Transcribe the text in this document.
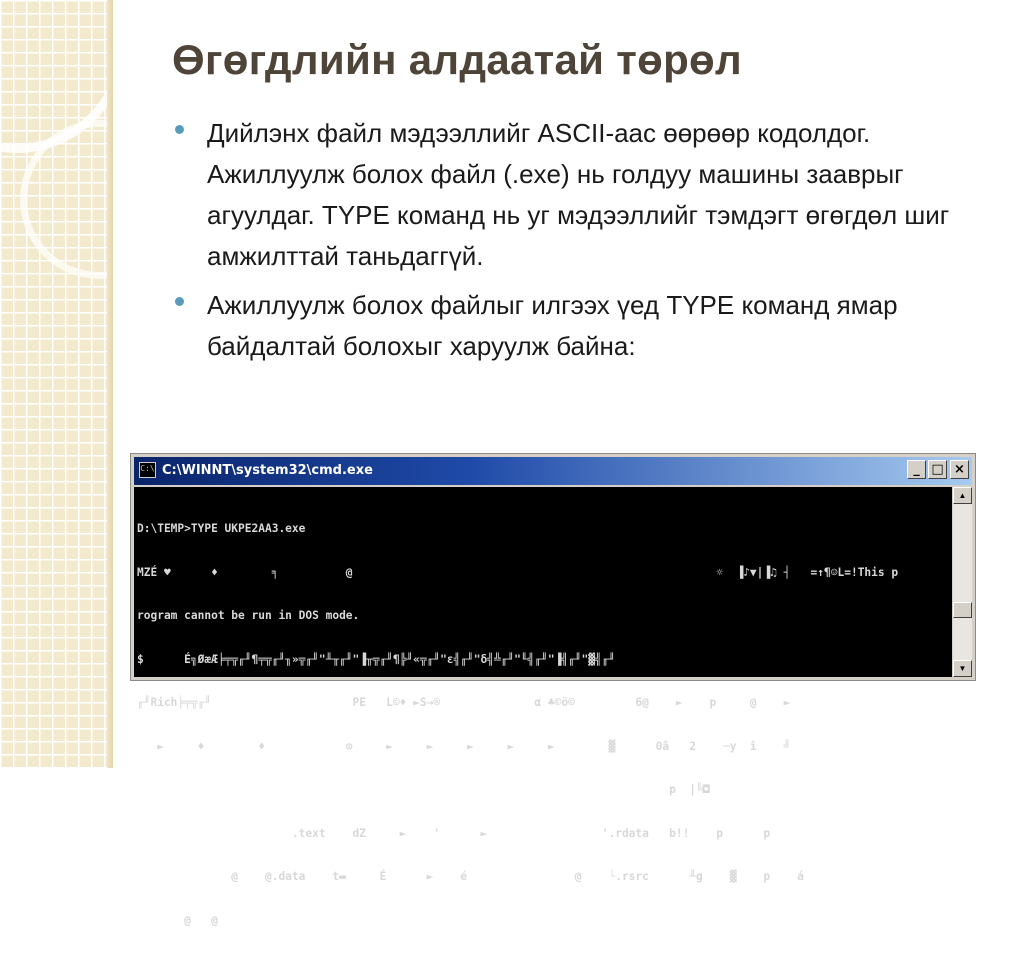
Өгөгдлийн алдаатай төрөл
Дийлэнх файл мэдээллийг ASCII-аас өөрөөр кодолдог. Ажиллуулж болох файл (.exe) нь голдуу машины зааврыг агуулдаг. TYPE команд нь уг мэдээллийг тэмдэгт өгөгдөл шиг амжилттай таньдаггүй.
Ажиллуулж болох файлыг илгээх үед TYPE команд ямар байдалтай болохыг харуулж байна:
C:\ C:\WINNT\system32\cmd.exe	_ □ ×

D:\TEMP>TYPE UKPE2AA3.exe

MZÉ ♥      ♦        ╕          @                                                      ☼  ▐♪▼|▐♫ ┤   =↑¶☺L=!This p

rogram cannot be run in DOS mode.

$      É╗ØæÆ╞╤╦╓╜¶╤╦╓╜╖»╦╓╜"╨╥╓╜"▐╥╦╓╜¶╠╜«╦╓╜"ε╣╓╜"δ╣╩╓╜"╙╣╓╜"▐╣╓╜"▓╣╓╜

╓╜Rich╞╤╦╓╜                     PE   L©♦ ►S→®              α ♣©ö©         6@    ►    p     @    ►

►     ♦        ♦            ⊙     ►     ►     ►     ►     ►        ▓      0â   2    ─y  î    ╝

p  |╚◘

.text    dZ     ►    '      ►                 '.rdata   b!!    p      p

@    @.data    t▬     É      ►    é                @    └.rsrc      ╨g    ▓    p    á

@   @

▲
▼
